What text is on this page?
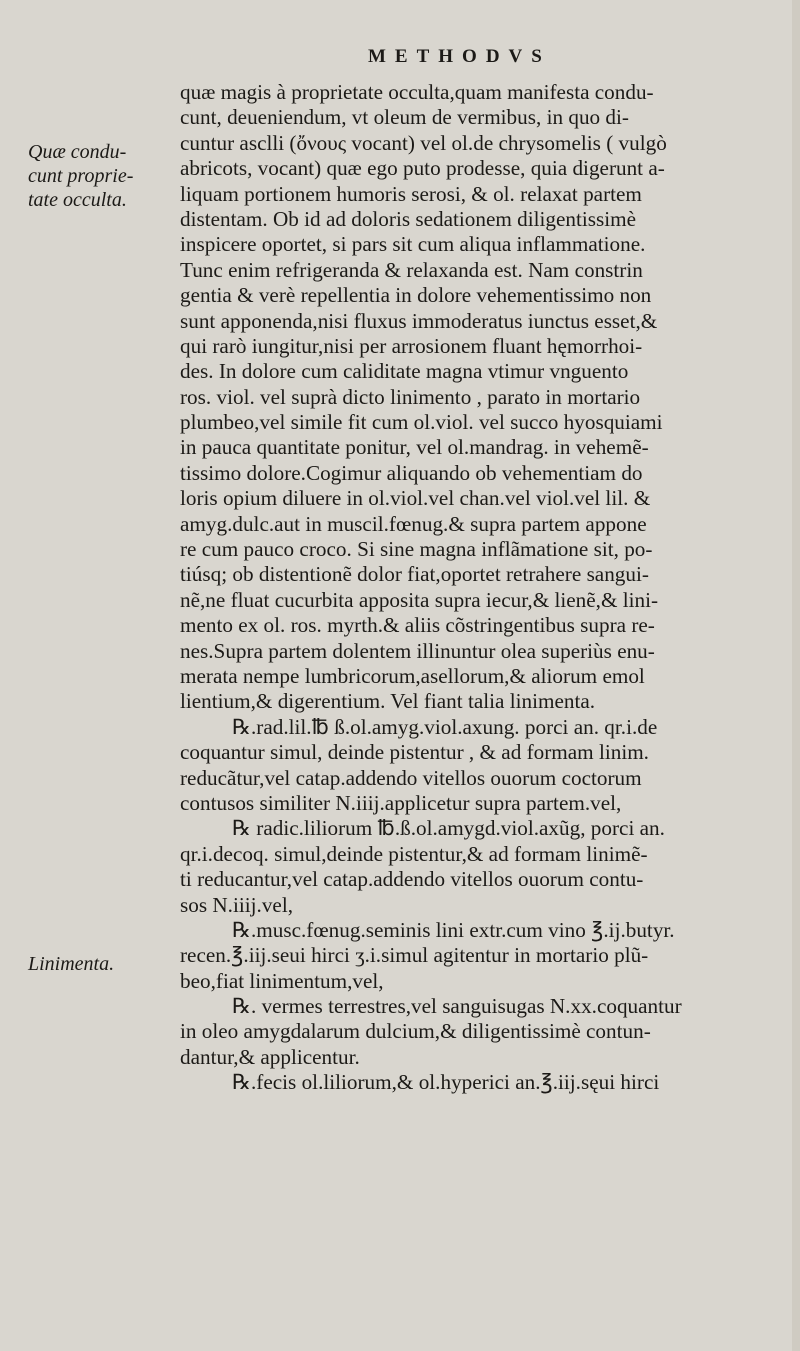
METHODVS
Quæ condu-
cunt proprie-
tate occulta.
Linimenta.
quæ magis à proprietate occulta,quam manifesta condu-
cunt, deueniendum, vt oleum de vermibus, in quo di-
cuntur asclli (ὄνους vocant) vel ol.de chrysomelis ( vulgò
abricots, vocant) quæ ego puto prodesse, quia digerunt a-
liquam portionem humoris serosi, & ol. relaxat partem
distentam. Ob id ad doloris sedationem diligentissimè
inspicere oportet, si pars sit cum aliqua inflammatione.
Tunc enim refrigeranda & relaxanda est. Nam constrin
gentia & verè repellentia in dolore vehementissimo non
sunt apponenda,nisi fluxus immoderatus iunctus esset,&
qui rarò iungitur,nisi per arrosionem fluant hęmorrhoi-
des. In dolore cum caliditate magna vtimur vnguento
ros. viol. vel suprà dicto linimento , parato in mortario
plumbeo,vel simile fit cum ol.viol. vel succo hyosquiami
in pauca quantitate ponitur, vel ol.mandrag. in vehemẽ-
tissimo dolore.Cogimur aliquando ob vehementiam do
loris opium diluere in ol.viol.vel chan.vel viol.vel lil. &
amyg.dulc.aut in muscil.fœnug.& supra partem appone
re cum pauco croco. Si sine magna inflãmatione sit, po-
tiúsq; ob distentionẽ dolor fiat,oportet retrahere sangui-
nẽ,ne fluat cucurbita apposita supra iecur,& lienẽ,& lini-
mento ex ol. ros. myrth.& aliis cõstringentibus supra re-
nes.Supra partem dolentem illinuntur olea superiùs enu-
merata nempe lumbricorum,asellorum,& aliorum emol
lientium,& digerentium. Vel fiant talia linimenta.
℞.rad.lil.℔ ß.ol.amyg.viol.axung. porci an. qr.i.de
coquantur simul, deinde pistentur , & ad formam linim.
reducãtur,vel catap.addendo vitellos ouorum coctorum
contusos similiter N.iiij.applicetur supra partem.vel,
℞ radic.liliorum ℔.ß.ol.amygd.viol.axũg, porci an.
qr.i.decoq. simul,deinde pistentur,& ad formam linimẽ-
ti reducantur,vel catap.addendo vitellos ouorum contu-
sos N.iiij.vel,
℞.musc.fœnug.seminis lini extr.cum vino ℥.ij.butyr.
recen.℥.iij.seui hirci ʒ.i.simul agitentur in mortario plũ-
beo,fiat linimentum,vel,
℞. vermes terrestres,vel sanguisugas N.xx.coquantur
in oleo amygdalarum dulcium,& diligentissimè contun-
dantur,& applicentur.
℞.fecis ol.liliorum,& ol.hyperici an.℥.iij.sęui hirci
